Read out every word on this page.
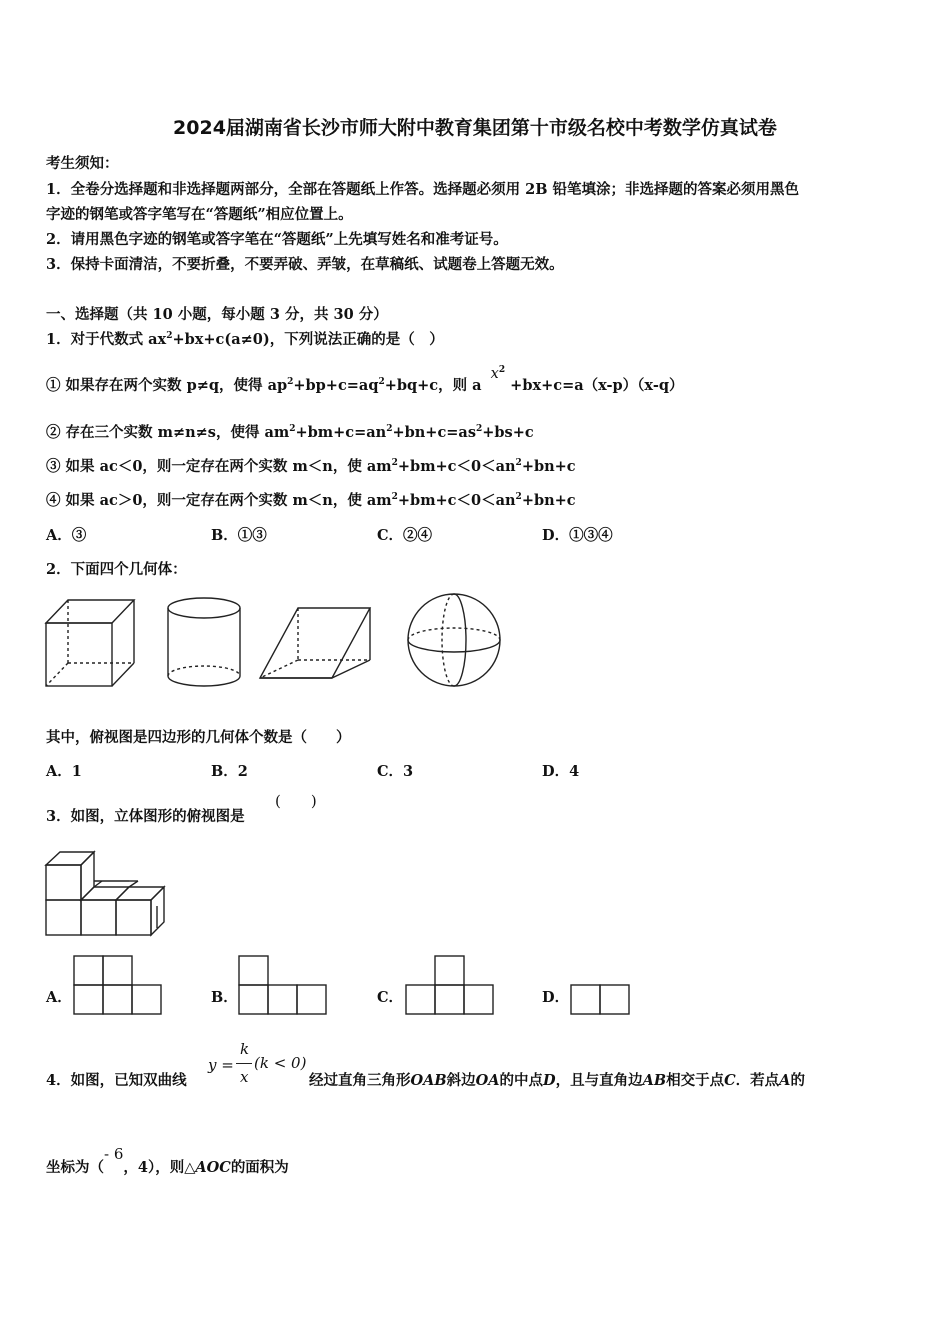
2024届湖南省长沙市师大附中教育集团第十市级名校中考数学仿真试卷
考生须知：
1．全卷分选择题和非选择题两部分，全部在答题纸上作答。选择题必须用 2B 铅笔填涂；非选择题的答案必须用黑色
字迹的钢笔或答字笔写在“答题纸”相应位置上。
2．请用黑色字迹的钢笔或答字笔在“答题纸”上先填写姓名和准考证号。
3．保持卡面清洁，不要折叠，不要弄破、弄皱，在草稿纸、试题卷上答题无效。
一、选择题（共 10 小题，每小题 3 分，共 30 分）
1．对于代数式 $ax^2+bx+c(a\ne 0)$，下列说法正确的是（　）
① 如果存在两个实数 p≠q，使得 $ap^2+bp+c=aq^2+bq+c$，则 a $x^2 +bx+c=a(x-p)(x-q)$
② 存在三个实数 m≠n≠s，使得 $am^2+bm+c=an^2+bn+c=as^2+bs+c$
③ 如果 ac＜0，则一定存在两个实数 m＜n，使 $am^2+bm+c<0<an^2+bn+c$
④ 如果 ac＞0，则一定存在两个实数 m＜n，使 $am^2+bm+c<0<an^2+bn+c$
A．③	B．①③	C．②④	D．①③④
2．下面四个几何体：
其中，俯视图是四边形的几何体个数是（　　）
A．1	B．2	C．3	D．4
3．如图，立体图形的俯视图是
(　　)
A．	B．	C．	D．
4．如图，已知双曲线
y =
k
x
(k < 0)
经过直角三角形OAB斜边OA的中点D，且与直角边AB相交于点C．若点A的
坐标为（- 6，4），则△AOC的面积为
